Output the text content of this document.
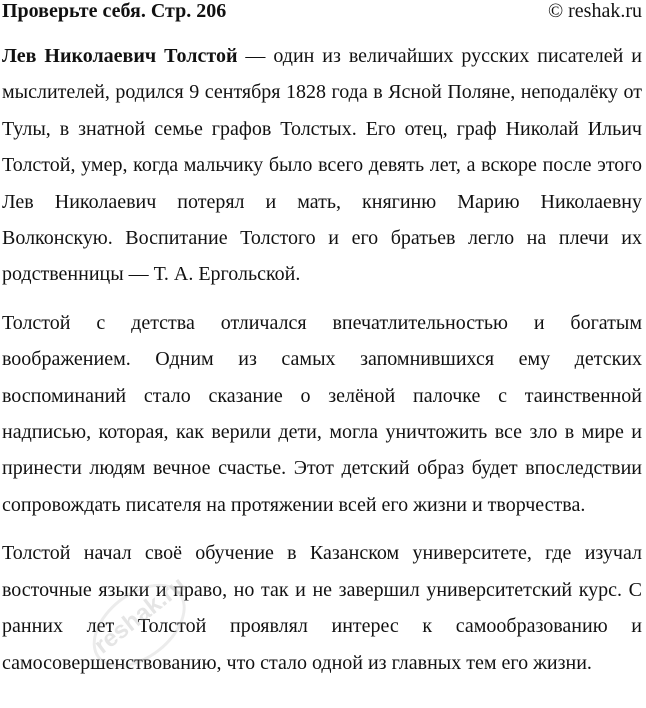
Проверьте себя. Стр. 206	© reshak.ru

Лев Николаевич Толстой — один из величайших русских писателей и мыслителей, родился 9 сентября 1828 года в Ясной Поляне, неподалёку от Тулы, в знатной семье графов Толстых. Его отец, граф Николай Ильич Толстой, умер, когда мальчику было всего девять лет, а вскоре после этого Лев Николаевич потерял и мать, княгиню Марию Николаевну Волконскую. Воспитание Толстого и его братьев легло на плечи их родственницы — Т. А. Ергольской.

Толстой с детства отличался впечатлительностью и богатым воображением. Одним из самых запомнившихся ему детских воспоминаний стало сказание о зелёной палочке с таинственной надписью, которая, как верили дети, могла уничтожить все зло в мире и принести людям вечное счастье. Этот детский образ будет впоследствии сопровождать писателя на протяжении всей его жизни и творчества.

Толстой начал своё обучение в Казанском университете, где изучал восточные языки и право, но так и не завершил университетский курс. С ранних лет Толстой проявлял интерес к самообразованию и самосовершенствованию, что стало одной из главных тем его жизни.

reshak.ru
